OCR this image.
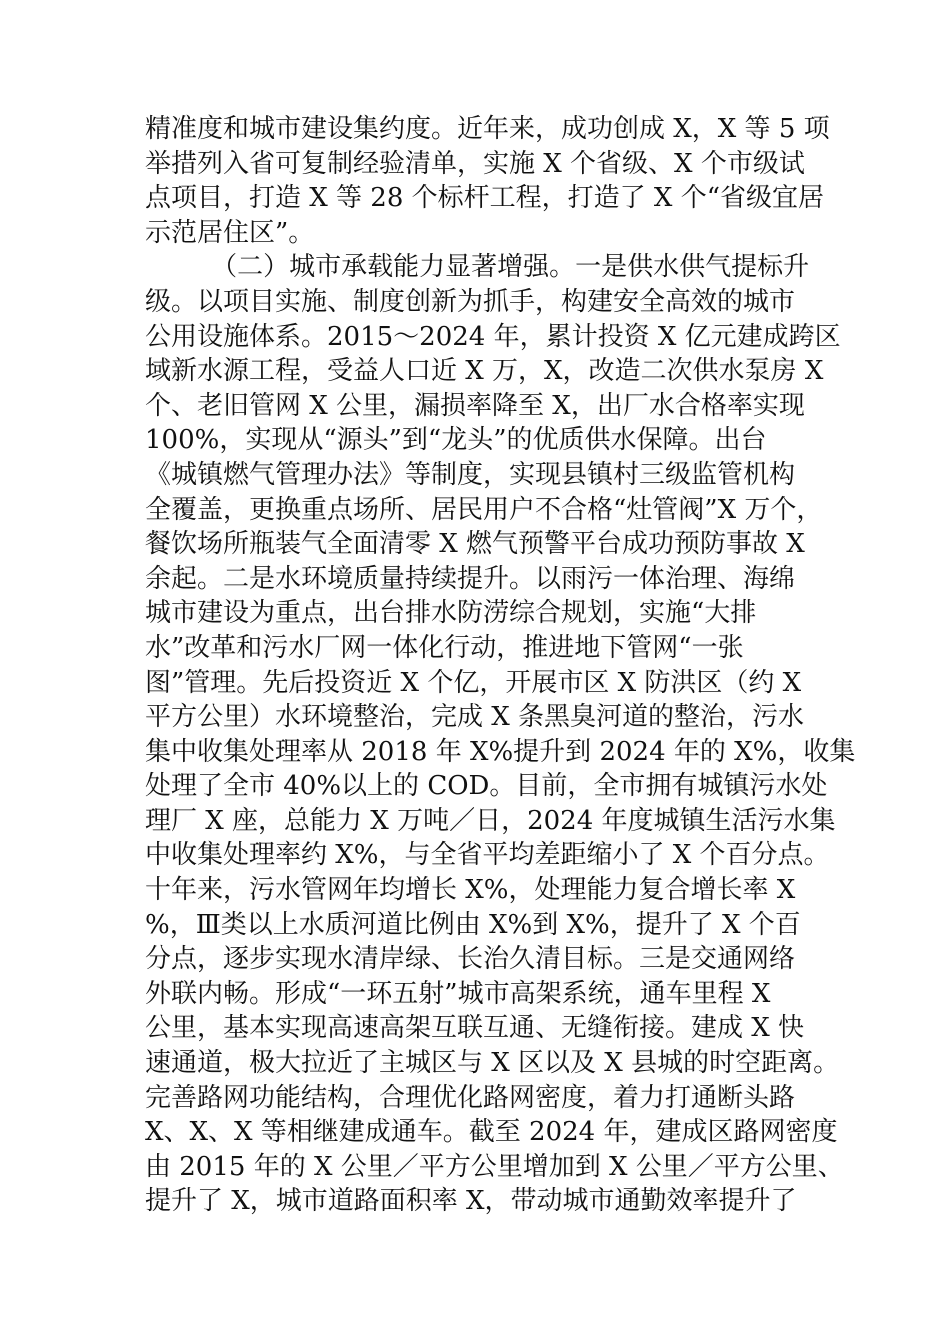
精准度和城市建设集约度。近年来，成功创成 X，X 等 5 项
举措列入省可复制经验清单，实施 X 个省级、X 个市级试
点项目，打造 X 等 28 个标杆工程，打造了 X 个“省级宜居
示范居住区”。
（二）城市承载能力显著增强。一是供水供气提标升
级。以项目实施、制度创新为抓手，构建安全高效的城市
公用设施体系。2015～2024 年，累计投资 X 亿元建成跨区
域新水源工程，受益人口近 X 万，X，改造二次供水泵房 X
个、老旧管网 X 公里，漏损率降至 X，出厂水合格率实现
100%，实现从“源头”到“龙头”的优质供水保障。出台
《城镇燃气管理办法》等制度，实现县镇村三级监管机构
全覆盖，更换重点场所、居民用户不合格“灶管阀”X 万个，
餐饮场所瓶装气全面清零 X 燃气预警平台成功预防事故 X
余起。二是水环境质量持续提升。以雨污一体治理、海绵
城市建设为重点，出台排水防涝综合规划，实施“大排
水”改革和污水厂网一体化行动，推进地下管网“一张
图”管理。先后投资近 X 个亿，开展市区 X 防洪区（约 X
平方公里）水环境整治，完成 X 条黑臭河道的整治，污水
集中收集处理率从 2018 年 X%提升到 2024 年的 X%，收集
处理了全市 40%以上的 COD。目前，全市拥有城镇污水处
理厂 X 座，总能力 X 万吨／日，2024 年度城镇生活污水集
中收集处理率约 X%，与全省平均差距缩小了 X 个百分点。
十年来，污水管网年均增长 X%，处理能力复合增长率 X
%，Ⅲ类以上水质河道比例由 X%到 X%，提升了 X 个百
分点，逐步实现水清岸绿、长治久清目标。三是交通网络
外联内畅。形成“一环五射”城市高架系统，通车里程 X
公里，基本实现高速高架互联互通、无缝衔接。建成 X 快
速通道，极大拉近了主城区与 X 区以及 X 县城的时空距离。
完善路网功能结构，合理优化路网密度，着力打通断头路
X、X、X 等相继建成通车。截至 2024 年，建成区路网密度
由 2015 年的 X 公里／平方公里增加到 X 公里／平方公里、
提升了 X，城市道路面积率 X，带动城市通勤效率提升了
